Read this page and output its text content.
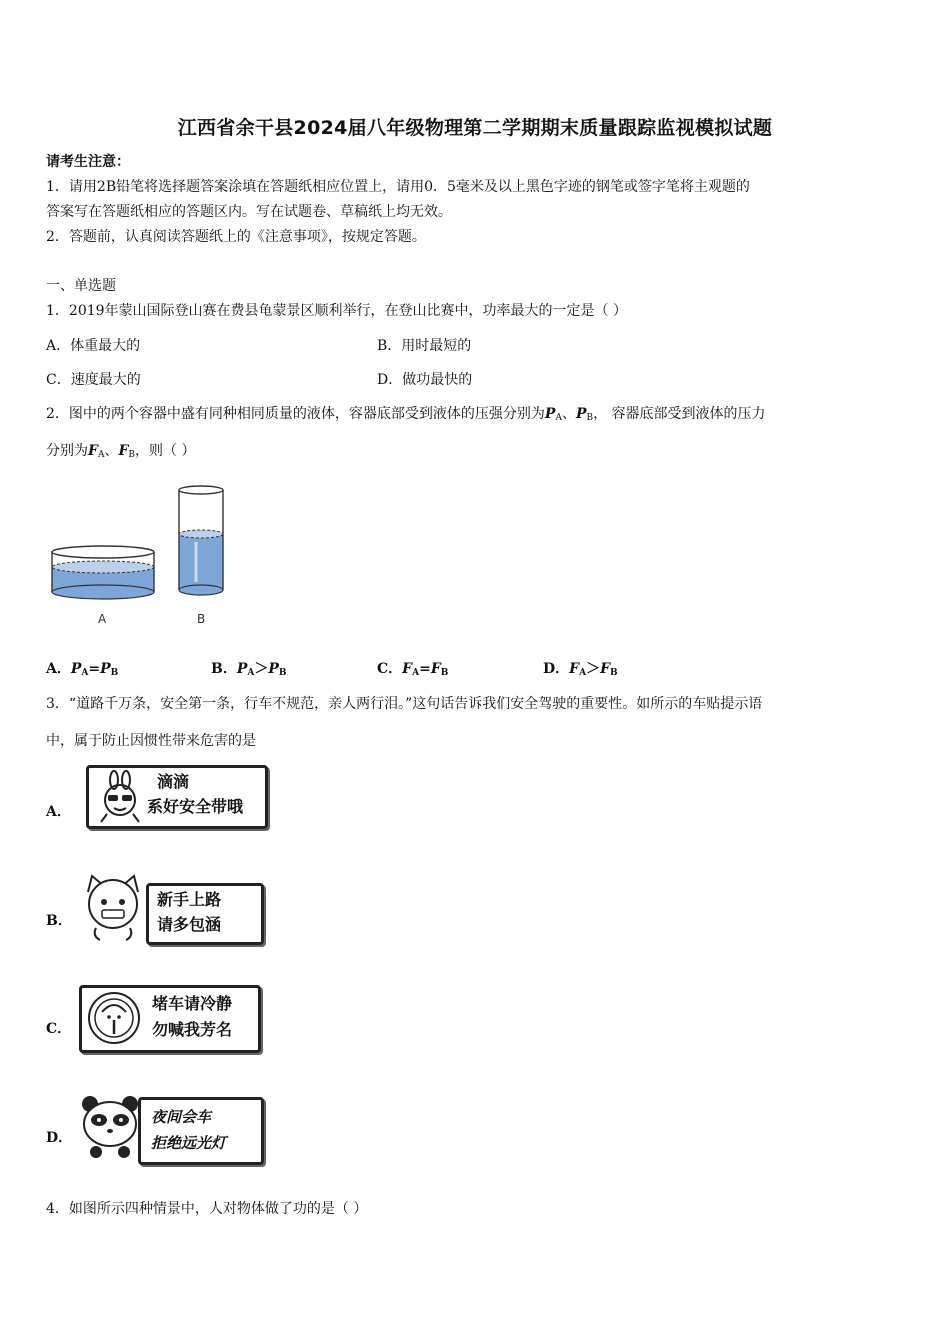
江西省余干县2024届八年级物理第二学期期末质量跟踪监视模拟试题
请考生注意：
1．请用2B铅笔将选择题答案涂填在答题纸相应位置上，请用0．5毫米及以上黑色字迹的钢笔或签字笔将主观题的
答案写在答题纸相应的答题区内。写在试题卷、草稿纸上均无效。
2．答题前，认真阅读答题纸上的《注意事项》，按规定答题。
一、单选题
1．2019年蒙山国际登山赛在费县龟蒙景区顺利举行，在登山比赛中，功率最大的一定是（ ）
A．体重最大的	B．用时最短的
C．速度最大的	D．做功最快的
2．图中的两个容器中盛有同种相同质量的液体，容器底部受到液体的压强分别为$P_A$、$P_B$， 容器底部受到液体的压力
分别为$F_A$、$F_B$，则（ ）
A	B
A．$P_A=P_B$	B．$P_A>P_B$	C．$F_A=F_B$	D．$F_A>F_B$
3．“道路千万条，安全第一条，行车不规范，亲人两行泪。”这句话告诉我们安全驾驶的重要性。如所示的车贴提示语
中，属于防止因惯性带来危害的是
A．
滴滴
系好安全带哦
B．
新手上路
请多包涵
C．
堵车请冷静
勿喊我芳名
D．
夜间会车
拒绝远光灯
4．如图所示四种情景中，人对物体做了功的是（ ）
